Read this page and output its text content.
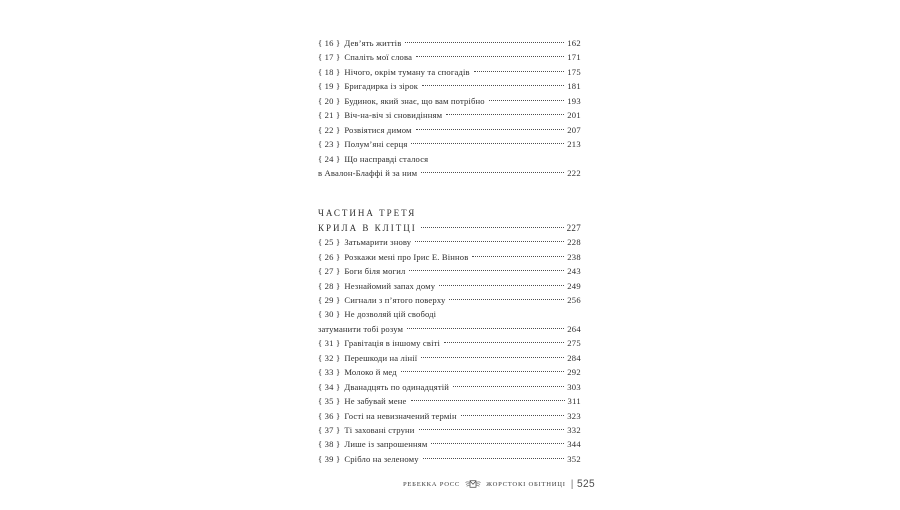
{ 16 } Дев’ять життів	162
{ 17 } Спаліть мої слова	171
{ 18 } Нічого, окрім туману та спогадів	175
{ 19 } Бригадирка із зірок	181
{ 20 } Будинок, який знає, що вам потрібно	193
{ 21 } Віч-на-віч зі сновидінням	201
{ 22 } Розвіятися димом	207
{ 23 } Полум’яні серця	213
{ 24 } Що насправді сталося
в Авалон-Блаффі й за ним	222
ЧАСТИНА ТРЕТЯ
КРИЛА В КЛІТЦІ	227
{ 25 } Затьмарити знову	228
{ 26 } Розкажи мені про Ірис Е. Віннов	238
{ 27 } Боги біля могил	243
{ 28 } Незнайомий запах дому	249
{ 29 } Сигнали з п’ятого поверху	256
{ 30 } Не дозволяй цій свободі
затуманити тобі розум	264
{ 31 } Гравітація в іншому світі	275
{ 32 } Перешкоди на лінії	284
{ 33 } Молоко й мед	292
{ 34 } Дванадцять по одинадцятій	303
{ 35 } Не забувай мене	311
{ 36 } Гості на невизначений термін	323
{ 37 } Ті заховані струни	332
{ 38 } Лише із запрошенням	344
{ 39 } Срібло на зеленому	352
РЕБЕККА РОСС	ЖОРСТОКІ ОБІТНИЦІ | 525
